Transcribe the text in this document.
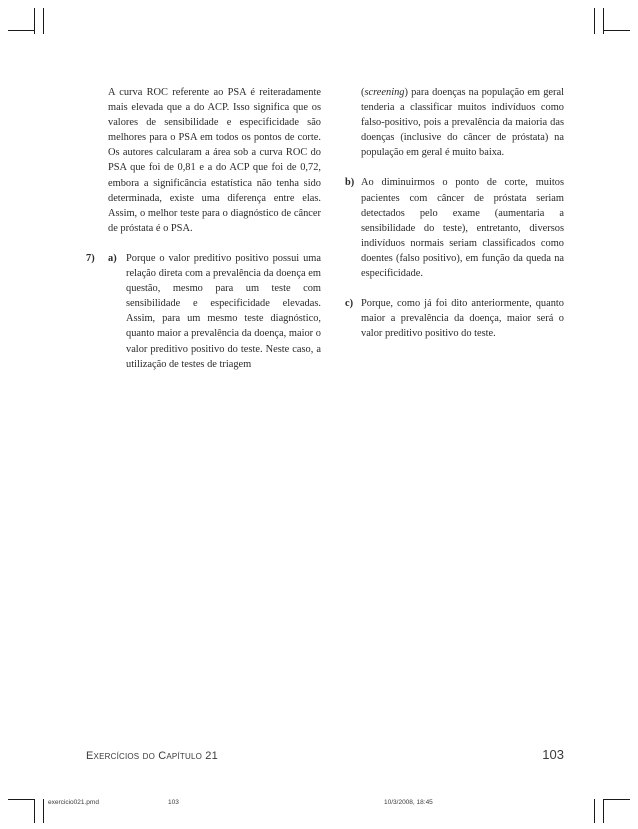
A curva ROC referente ao PSA é reiteradamente mais elevada que a do ACP. Isso significa que os valores de sensibilidade e especificidade são melhores para o PSA em todos os pontos de corte. Os autores calcularam a área sob a curva ROC do PSA que foi de 0,81 e a do ACP que foi de 0,72, embora a significância estatística não tenha sido determinada, existe uma diferença entre elas. Assim, o melhor teste para o diagnóstico de câncer de próstata é o PSA.

7) a) Porque o valor preditivo positivo possui uma relação direta com a prevalência da doença em questão, mesmo para um teste com sensibilidade e especificidade elevadas. Assim, para um mesmo teste diagnóstico, quanto maior a prevalência da doença, maior o valor preditivo positivo do teste. Neste caso, a utilização de testes de triagem

(screening) para doenças na população em geral tenderia a classificar muitos indivíduos como falso-positivo, pois a prevalência da maioria das doenças (inclusive do câncer de próstata) na população em geral é muito baixa.

b) Ao diminuirmos o ponto de corte, muitos pacientes com câncer de próstata seriam detectados pelo exame (aumentaria a sensibilidade do teste), entretanto, diversos indivíduos normais seriam classificados como doentes (falso positivo), em função da queda na especificidade.

c) Porque, como já foi dito anteriormente, quanto maior a prevalência da doença, maior será o valor preditivo positivo do teste.

Exercícios do Capítulo 21	103
exercicio021.pmd	103	10/3/2008, 18:45
